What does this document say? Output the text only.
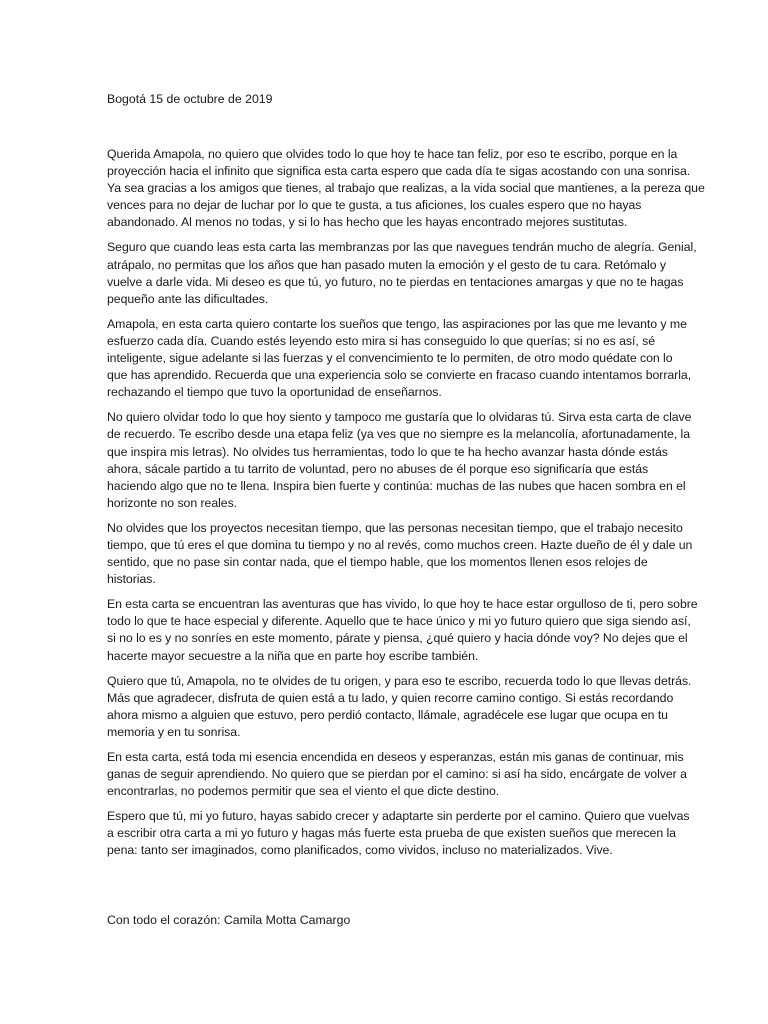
Bogotá 15 de octubre de 2019

Querida Amapola, no quiero que olvides todo lo que hoy te hace tan feliz, por eso te escribo, porque en la
proyección hacia el infinito que significa esta carta espero que cada día te sigas acostando con una sonrisa.
Ya sea gracias a los amigos que tienes, al trabajo que realizas, a la vida social que mantienes, a la pereza que
vences para no dejar de luchar por lo que te gusta, a tus aficiones, los cuales espero que no hayas
abandonado. Al menos no todas, y si lo has hecho que les hayas encontrado mejores sustitutas.

Seguro que cuando leas esta carta las membranzas por las que navegues tendrán mucho de alegría. Genial,
atrápalo, no permitas que los años que han pasado muten la emoción y el gesto de tu cara. Retómalo y
vuelve a darle vida. Mi deseo es que tú, yo futuro, no te pierdas en tentaciones amargas y que no te hagas
pequeño ante las dificultades.

Amapola, en esta carta quiero contarte los sueños que tengo, las aspiraciones por las que me levanto y me
esfuerzo cada día. Cuando estés leyendo esto mira si has conseguido lo que querías; si no es así, sé
inteligente, sigue adelante si las fuerzas y el convencimiento te lo permiten, de otro modo quédate con lo
que has aprendido. Recuerda que una experiencia solo se convierte en fracaso cuando intentamos borrarla,
rechazando el tiempo que tuvo la oportunidad de enseñarnos.

No quiero olvidar todo lo que hoy siento y tampoco me gustaría que lo olvidaras tú. Sirva esta carta de clave
de recuerdo. Te escribo desde una etapa feliz (ya ves que no siempre es la melancolía, afortunadamente, la
que inspira mis letras). No olvides tus herramientas, todo lo que te ha hecho avanzar hasta dónde estás
ahora, sácale partido a tu tarrito de voluntad, pero no abuses de él porque eso significaría que estás
haciendo algo que no te llena. Inspira bien fuerte y continúa: muchas de las nubes que hacen sombra en el
horizonte no son reales.

No olvides que los proyectos necesitan tiempo, que las personas necesitan tiempo, que el trabajo necesito
tiempo, que tú eres el que domina tu tiempo y no al revés, como muchos creen. Hazte dueño de él y dale un
sentido, que no pase sin contar nada, que el tiempo hable, que los momentos llenen esos relojes de
historias.

En esta carta se encuentran las aventuras que has vivido, lo que hoy te hace estar orgulloso de ti, pero sobre
todo lo que te hace especial y diferente. Aquello que te hace único y mi yo futuro quiero que siga siendo así,
si no lo es y no sonríes en este momento, párate y piensa, ¿qué quiero y hacia dónde voy? No dejes que el
hacerte mayor secuestre a la niña que en parte hoy escribe también.

Quiero que tú, Amapola, no te olvides de tu origen, y para eso te escribo, recuerda todo lo que llevas detrás.
Más que agradecer, disfruta de quien está a tu lado, y quien recorre camino contigo. Si estás recordando
ahora mismo a alguien que estuvo, pero perdió contacto, llámale, agradécele ese lugar que ocupa en tu
memoria y en tu sonrisa.

En esta carta, está toda mi esencia encendida en deseos y esperanzas, están mis ganas de continuar, mis
ganas de seguir aprendiendo. No quiero que se pierdan por el camino: si así ha sido, encárgate de volver a
encontrarlas, no podemos permitir que sea el viento el que dicte destino.

Espero que tú, mi yo futuro, hayas sabido crecer y adaptarte sin perderte por el camino. Quiero que vuelvas
a escribir otra carta a mi yo futuro y hagas más fuerte esta prueba de que existen sueños que merecen la
pena: tanto ser imaginados, como planificados, como vividos, incluso no materializados. Vive.

Con todo el corazón: Camila Motta Camargo
